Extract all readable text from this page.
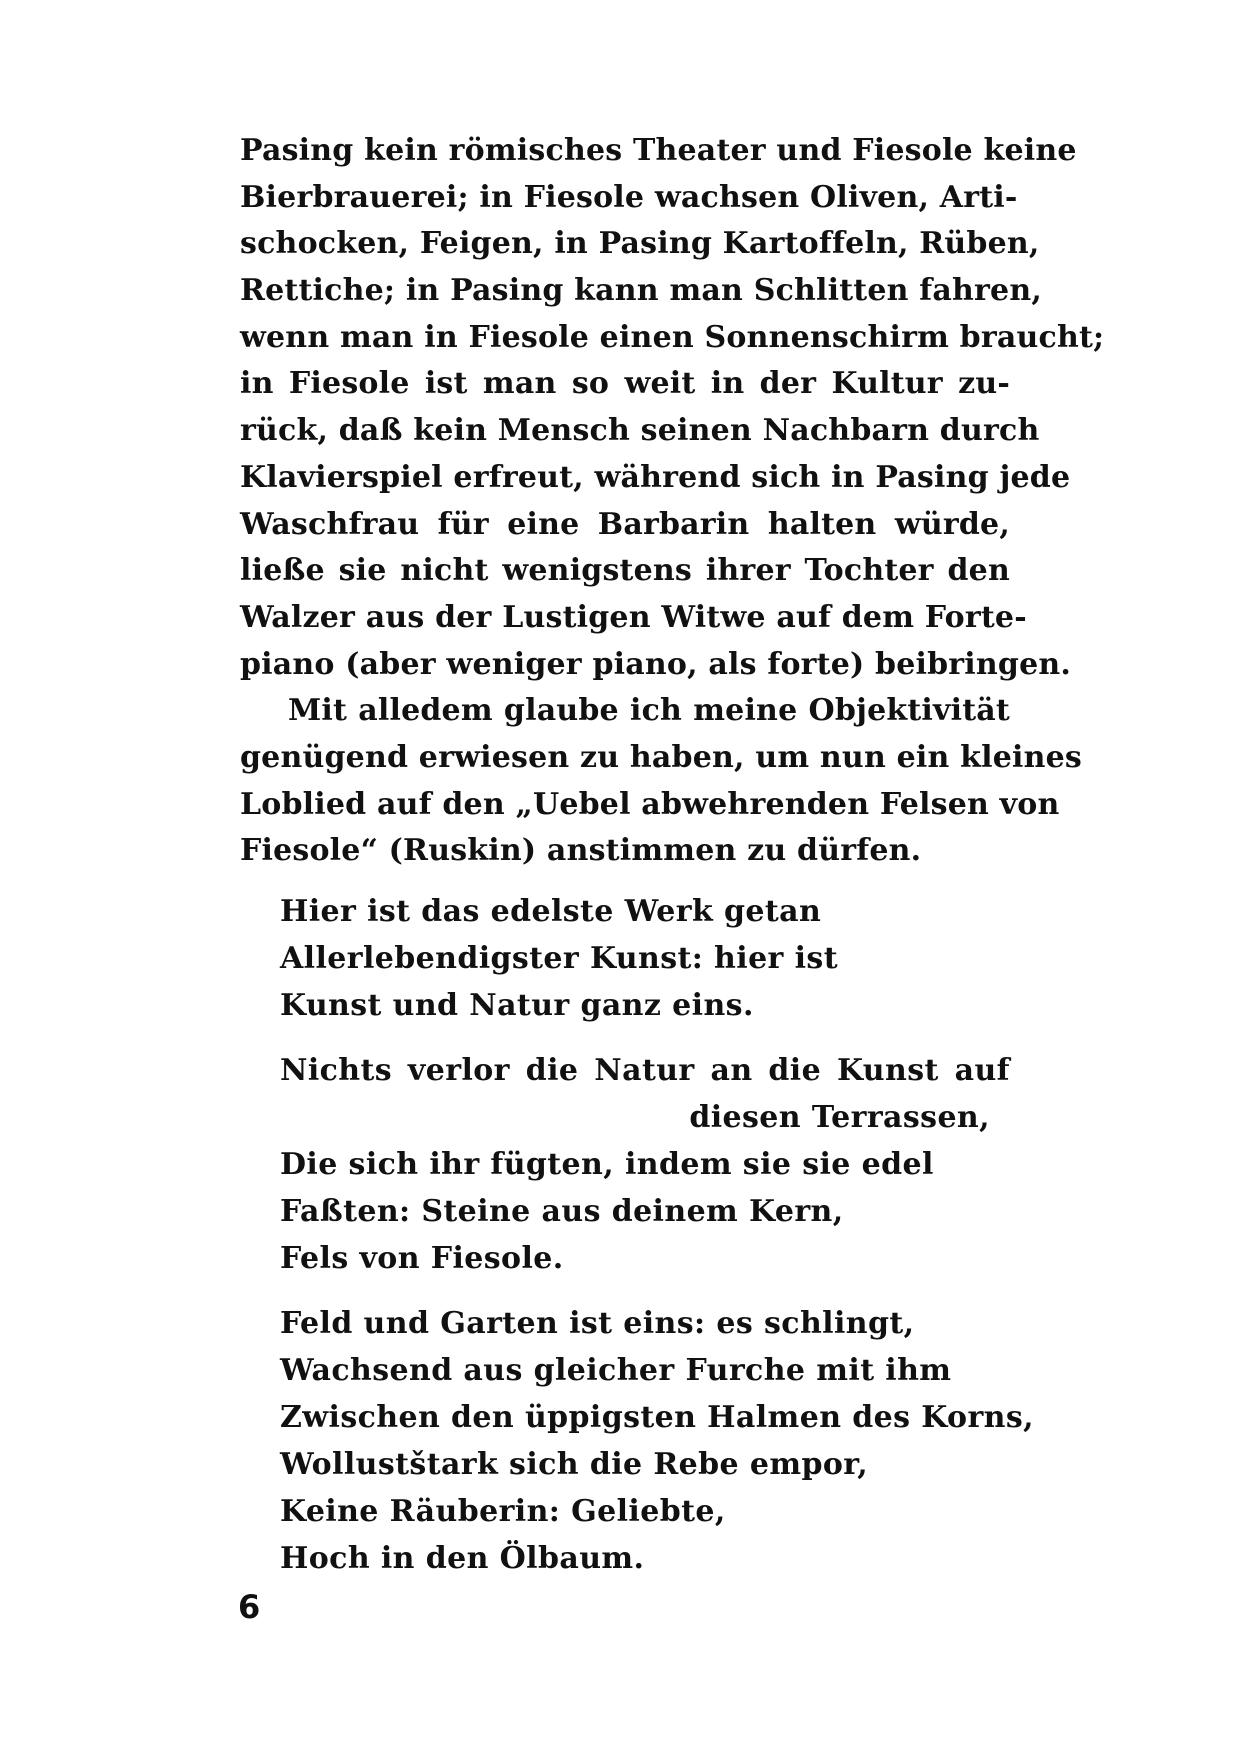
Pasing kein römisches Theater und Fiesole keine
Bierbrauerei; in Fiesole wachsen Oliven, Arti-
schocken, Feigen, in Pasing Kartoffeln, Rüben,
Rettiche; in Pasing kann man Schlitten fahren,
wenn man in Fiesole einen Sonnenschirm braucht;
in Fiesole ist man so weit in der Kultur zu-
rück, daß kein Mensch seinen Nachbarn durch
Klavierspiel erfreut, während sich in Pasing jede
Waschfrau für eine Barbarin halten würde,
ließe sie nicht wenigstens ihrer Tochter den
Walzer aus der Lustigen Witwe auf dem Forte-
piano (aber weniger piano, als forte) beibringen.
Mit alledem glaube ich meine Objektivität
genügend erwiesen zu haben, um nun ein kleines
Loblied auf den „Uebel abwehrenden Felsen von
Fiesole“ (Ruskin) anstimmen zu dürfen.
Hier ist das edelste Werk getan
Allerlebendigster Kunst: hier ist
Kunst und Natur ganz eins.
Nichts verlor die Natur an die Kunst auf
diesen Terrassen,
Die sich ihr fügten, indem sie sie edel
Faßten: Steine aus deinem Kern,
Fels von Fiesole.
Feld und Garten ist eins: es schlingt,
Wachsend aus gleicher Furche mit ihm
Zwischen den üppigsten Halmen des Korns,
Wollustštark sich die Rebe empor,
Keine Räuberin: Geliebte,
Hoch in den Ölbaum.
6
